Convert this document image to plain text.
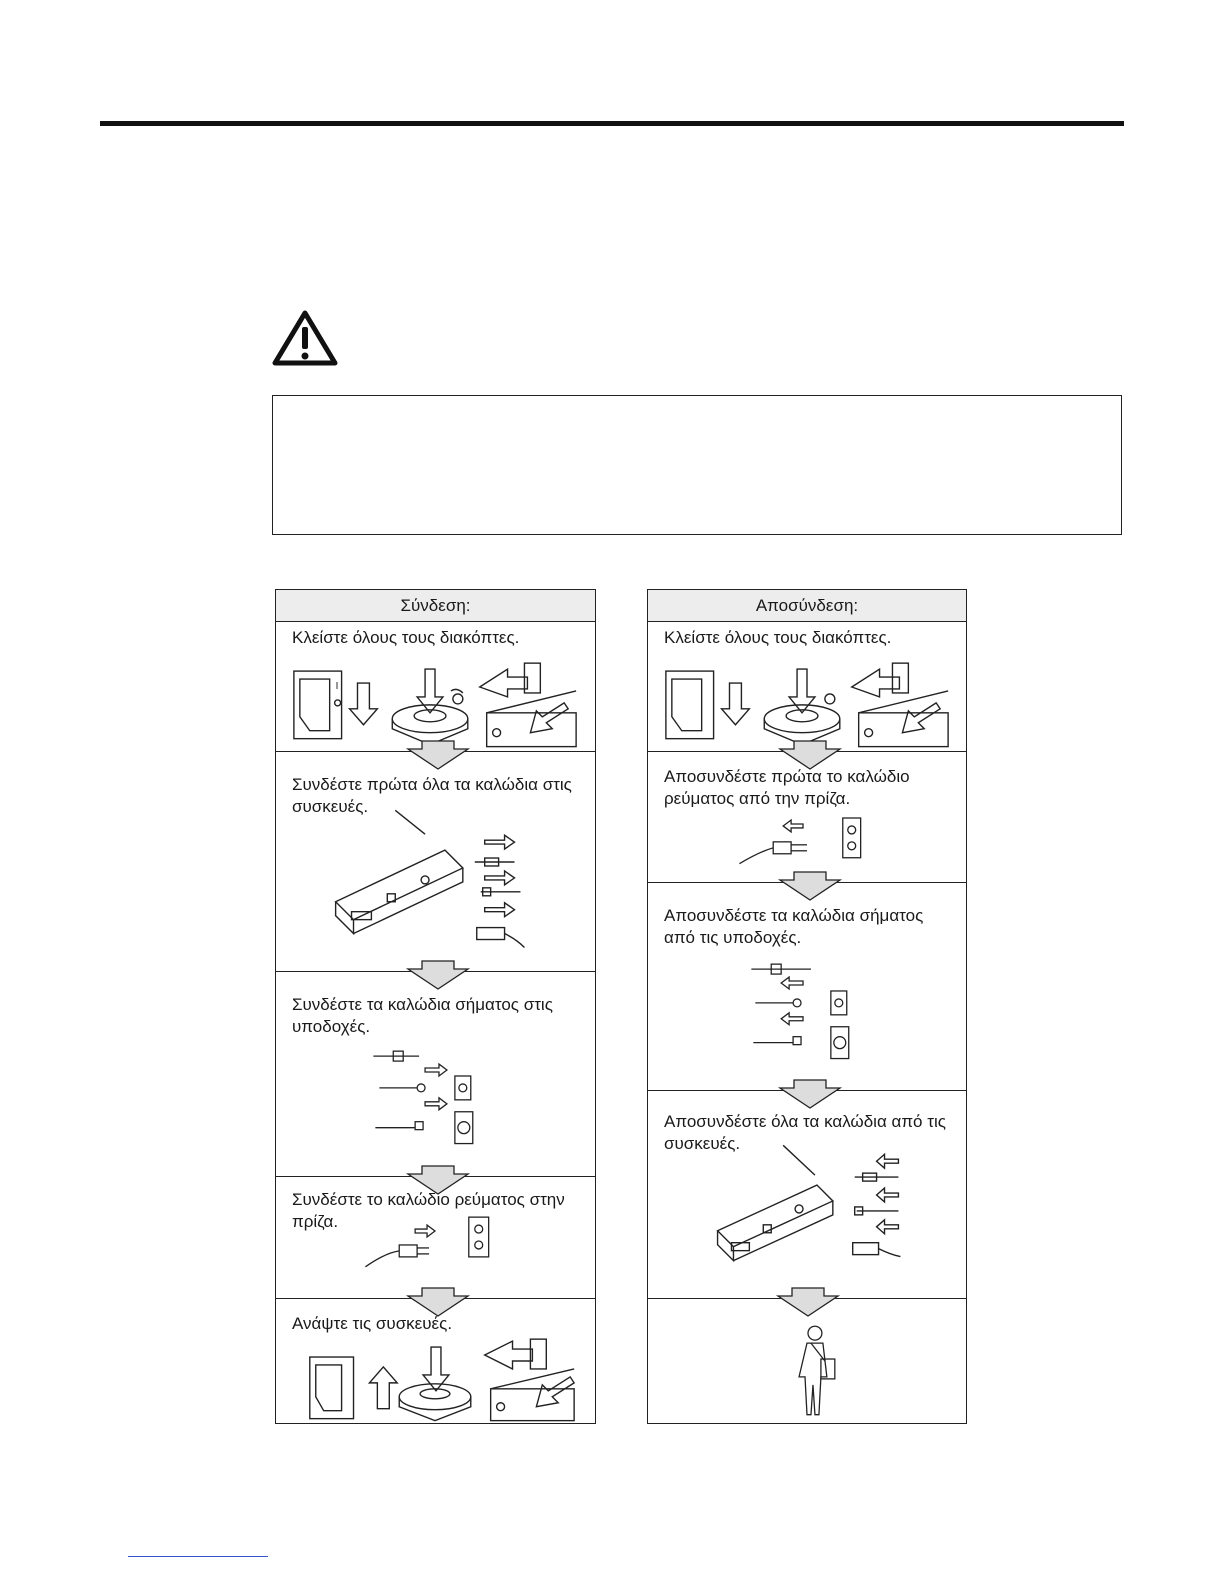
Σύνδεση:
Κλείστε όλους τους διακόπτες.
I
Συνδέστε πρώτα όλα τα καλώδια στις συσκευές.
Συνδέστε τα καλώδια σήματος στις υποδοχές.
Συνδέστε το καλώδιο ρεύματος στην πρίζα.
Ανάψτε τις συσκευές.
Αποσύνδεση:
Κλείστε όλους τους διακόπτες.
Αποσυνδέστε πρώτα το καλώδιο ρεύματος από την πρίζα.
Αποσυνδέστε τα καλώδια σήματος από τις υποδοχές.
Αποσυνδέστε όλα τα καλώδια από τις συσκευές.
